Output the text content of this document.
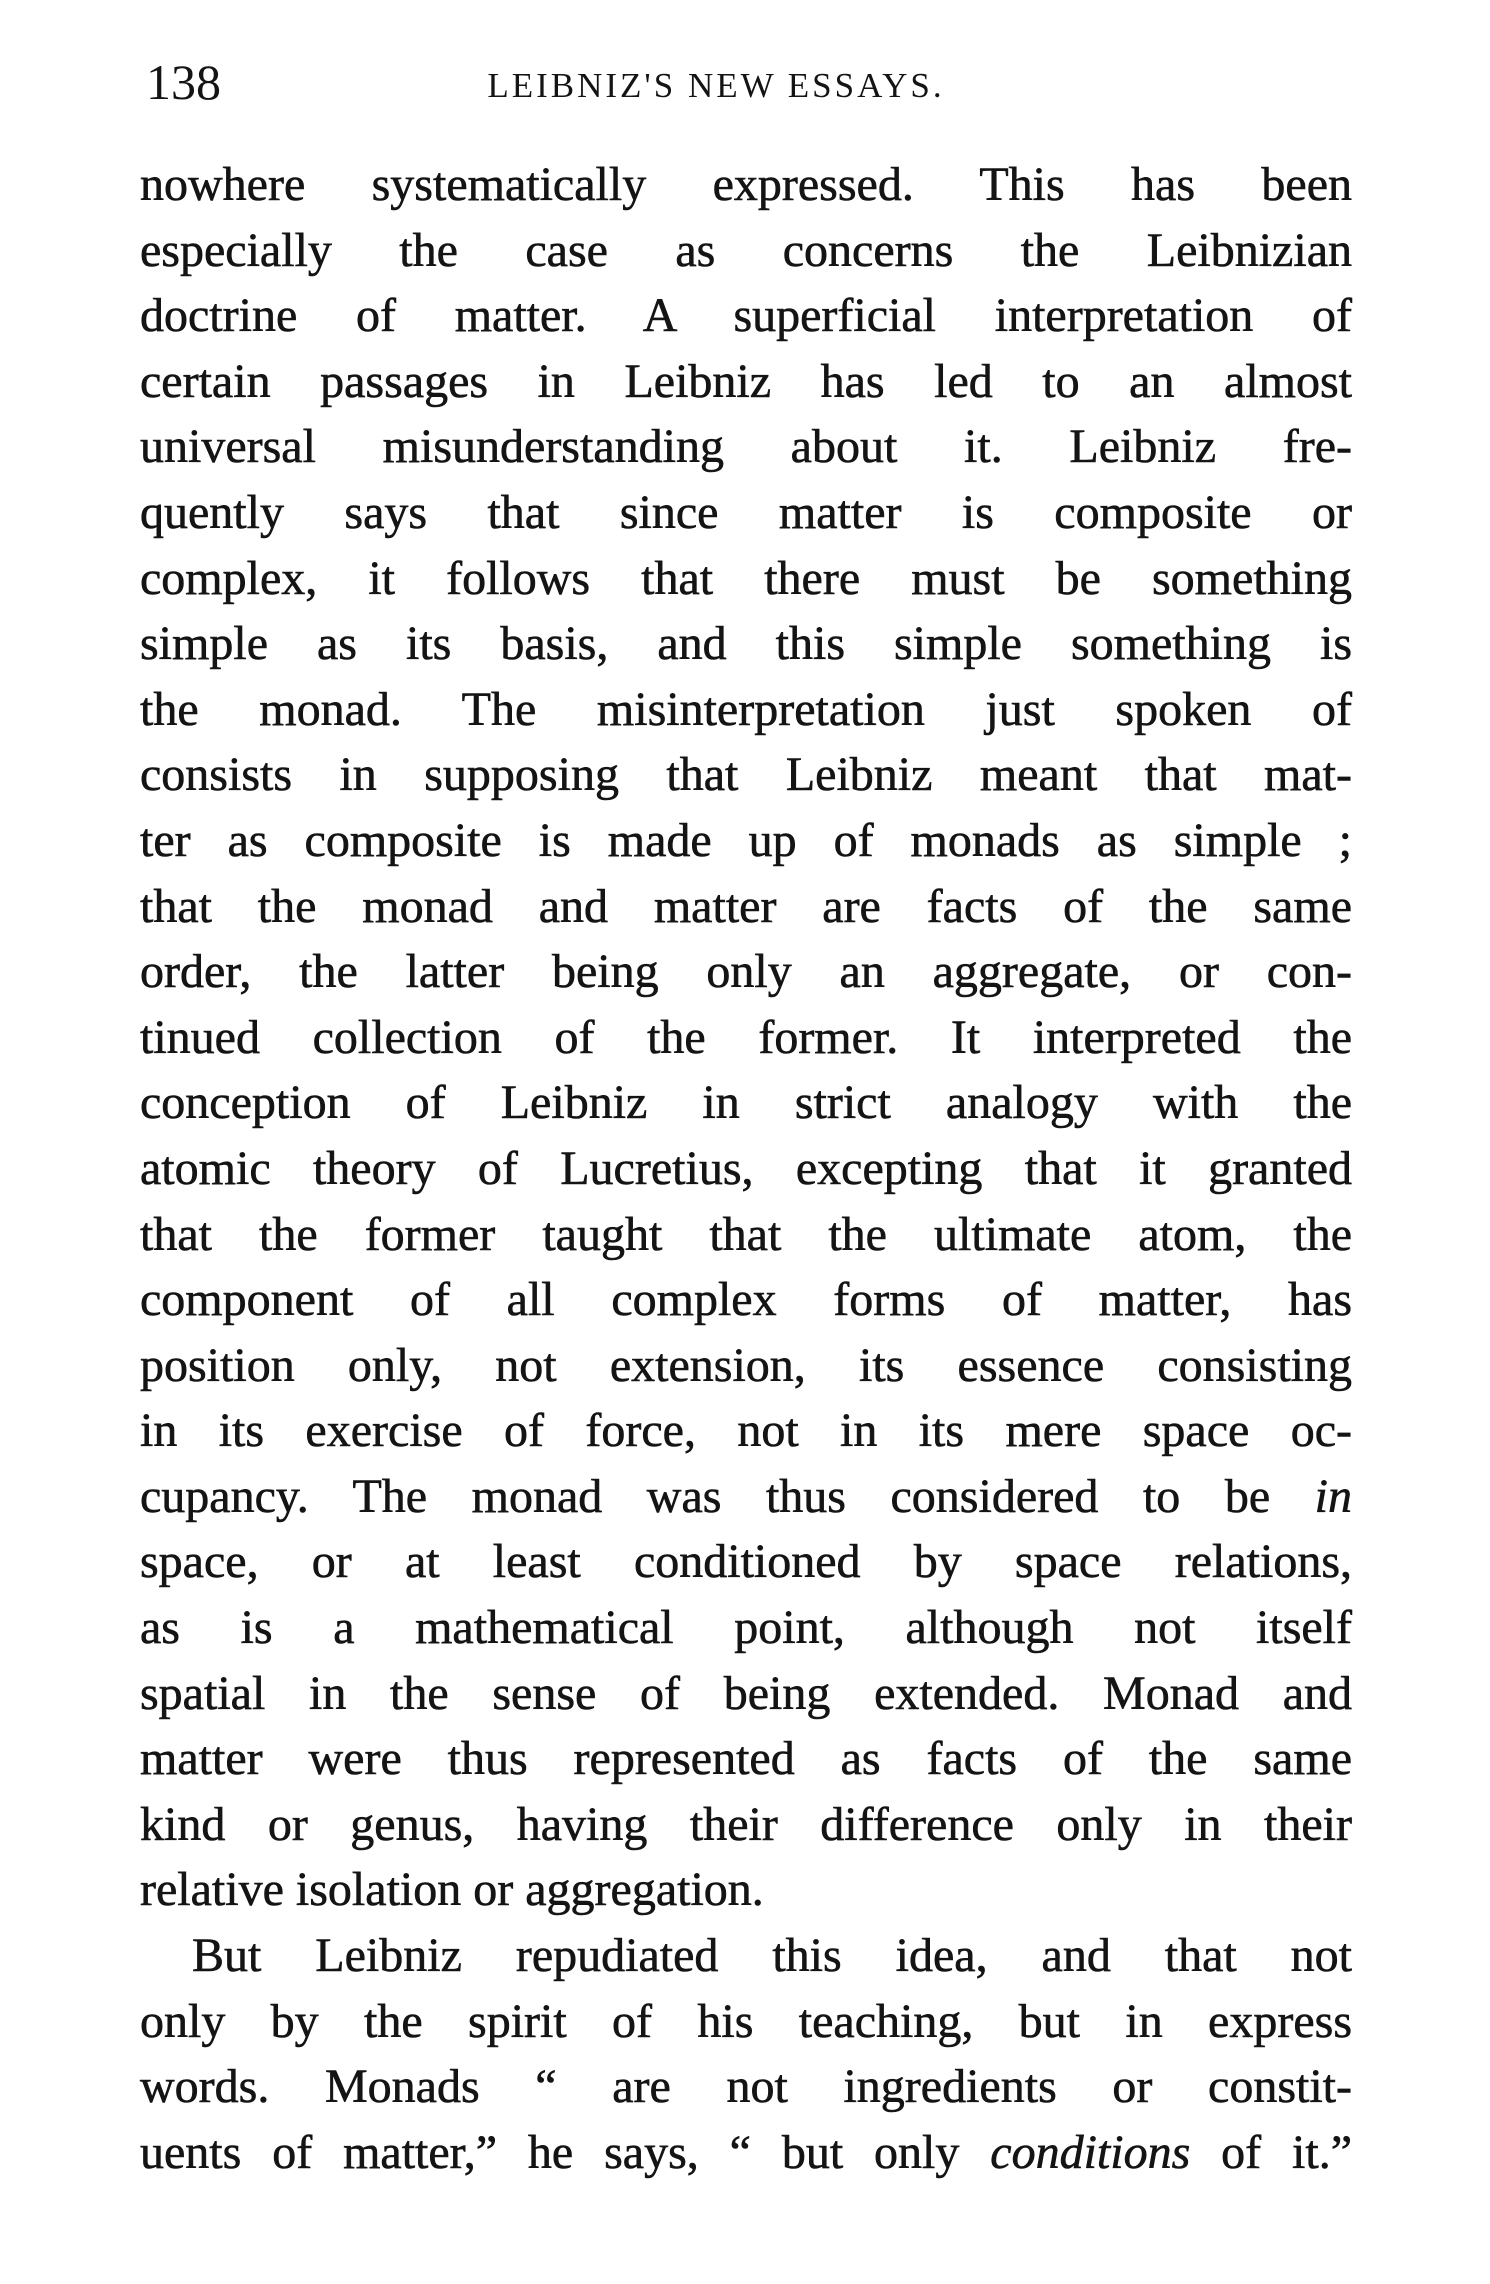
138	LEIBNIZ'S NEW ESSAYS.
nowhere systematically expressed. This has been
especially the case as concerns the Leibnizian
doctrine of matter. A superficial interpretation of
certain passages in Leibniz has led to an almost
universal misunderstanding about it. Leibniz fre-
quently says that since matter is composite or
complex, it follows that there must be something
simple as its basis, and this simple something is
the monad. The misinterpretation just spoken of
consists in supposing that Leibniz meant that mat-
ter as composite is made up of monads as simple ;
that the monad and matter are facts of the same
order, the latter being only an aggregate, or con-
tinued collection of the former. It interpreted the
conception of Leibniz in strict analogy with the
atomic theory of Lucretius, excepting that it granted
that the former taught that the ultimate atom, the
component of all complex forms of matter, has
position only, not extension, its essence consisting
in its exercise of force, not in its mere space oc-
cupancy. The monad was thus considered to be in
space, or at least conditioned by space relations,
as is a mathematical point, although not itself
spatial in the sense of being extended. Monad and
matter were thus represented as facts of the same
kind or genus, having their difference only in their
relative isolation or aggregation.
But Leibniz repudiated this idea, and that not
only by the spirit of his teaching, but in express
words. Monads “ are not ingredients or constit-
uents of matter,” he says, “ but only conditions of it.”
